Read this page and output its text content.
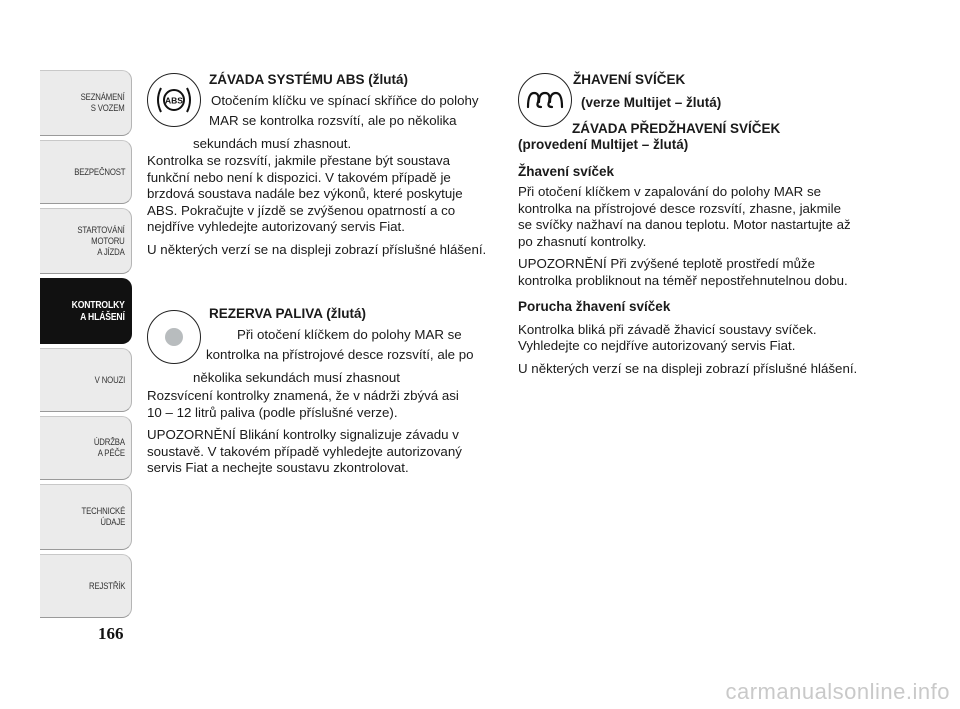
SEZNÁMENÍ
S VOZEM
BEZPEČNOST
STARTOVÁNÍ
MOTORU
A JÍZDA
KONTROLKY
A HLÁŠENÍ
V NOUZI
ÚDRŽBA
A PÉČE
TECHNICKÉ
ÚDAJE
REJSTŘÍK
166
ABS

ZÁVADA SYSTÉMU ABS (žlutá)

Otočením klíčku ve spínací skříňce do polohy

MAR se kontrolka rozsvítí, ale po několika

sekundách musí zhasnout.

Kontrolka se rozsvítí, jakmile přestane být soustava funkční nebo není k dispozici. V takovém případě je brzdová soustava nadále bez výkonů, které poskytuje ABS. Pokračujte v jízdě se zvýšenou opatrností a co nejdříve vyhledejte autorizovaný servis Fiat.

U některých verzí se na displeji zobrazí příslušné hlášení.

REZERVA PALIVA (žlutá)

Při otočení klíčkem do polohy MAR se

kontrolka na přístrojové desce rozsvítí, ale po

několika sekundách musí zhasnout

Rozsvícení kontrolky znamená, že v nádrži zbývá asi 10 – 12 litrů paliva (podle příslušné verze).

UPOZORNĚNÍ Blikání kontrolky signalizuje závadu v soustavě. V takovém případě vyhledejte autorizovaný servis Fiat a nechejte soustavu zkontrolovat.

ŽHAVENÍ SVÍČEK

(verze Multijet – žlutá)

ZÁVADA PŘEDŽHAVENÍ SVÍČEK

(provedení Multijet – žlutá)

Žhavení svíček

Při otočení klíčkem v zapalování do polohy MAR se kontrolka na přístrojové desce rozsvítí, zhasne, jakmile se svíčky nažhaví na danou teplotu. Motor nastartujte až po zhasnutí kontrolky.

UPOZORNĚNÍ Při zvýšené teplotě prostředí může kontrolka probliknout na téměř nepostřehnutelnou dobu.

Porucha žhavení svíček

Kontrolka bliká při závadě žhavicí soustavy svíček. Vyhledejte co nejdříve autorizovaný servis Fiat.

U některých verzí se na displeji zobrazí příslušné hlášení.

carmanualsonline.info
